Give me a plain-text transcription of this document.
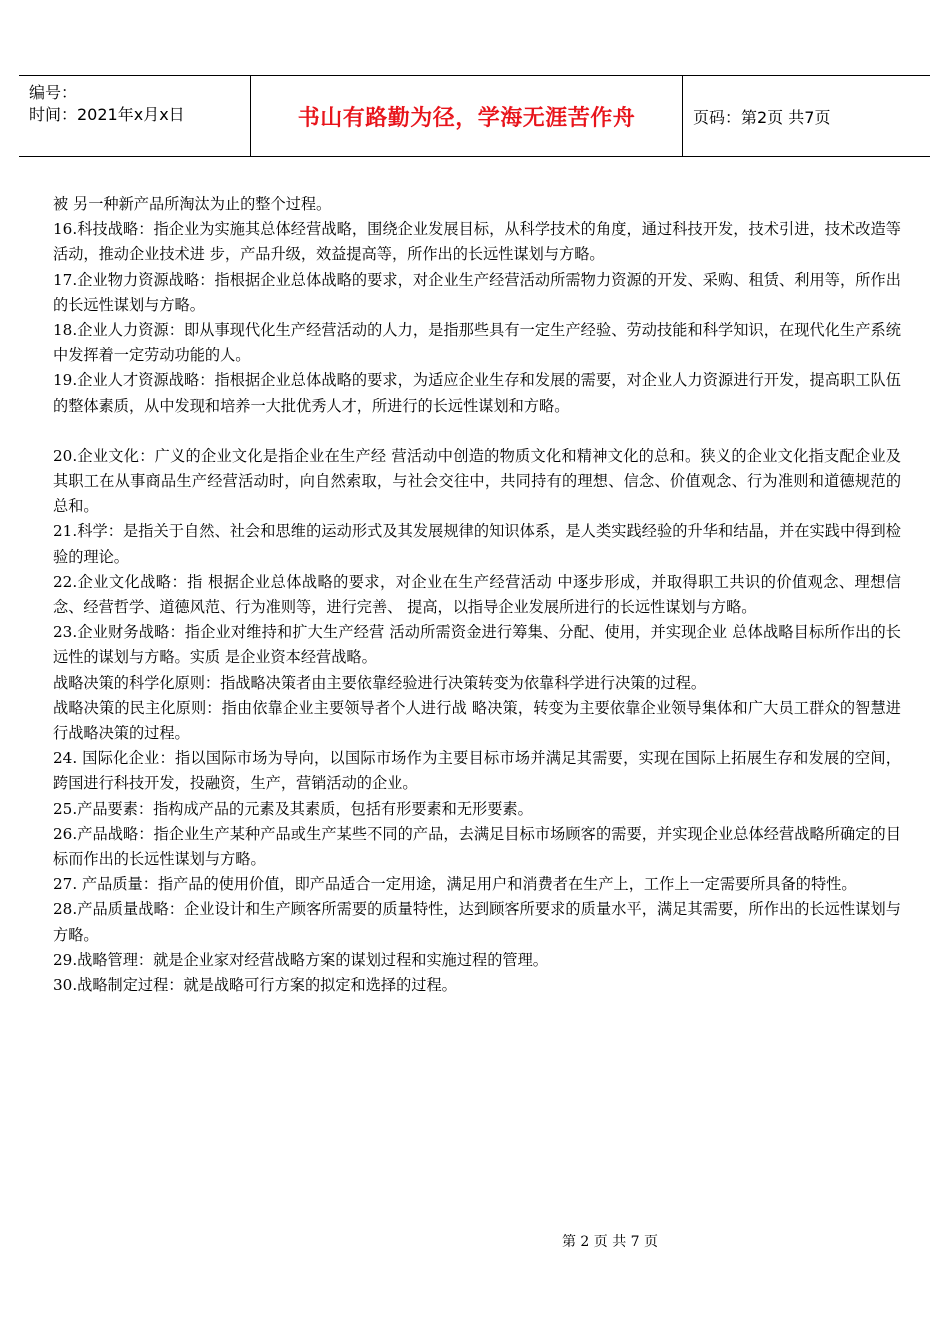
编号：
时间：2021年x月x日	书山有路勤为径，学海无涯苦作舟	页码：第2页 共7页

被 另一种新产品所淘汰为止的整个过程。

16.科技战略：指企业为实施其总体经营战略，围绕企业发展目标，从科学技术的角度，通过科技开发，技术引进，技术改造等活动，推动企业技术进 步，产品升级，效益提高等，所作出的长远性谋划与方略。

17.企业物力资源战略：指根据企业总体战略的要求，对企业生产经营活动所需物力资源的开发、采购、租赁、利用等，所作出的长远性谋划与方略。

18.企业人力资源：即从事现代化生产经营活动的人力，是指那些具有一定生产经验、劳动技能和科学知识，在现代化生产系统中发挥着一定劳动功能的人。

19.企业人才资源战略：指根据企业总体战略的要求，为适应企业生存和发展的需要，对企业人力资源进行开发，提高职工队伍的整体素质，从中发现和培养一大批优秀人才，所进行的长远性谋划和方略。

20.企业文化：广义的企业文化是指企业在生产经 营活动中创造的物质文化和精神文化的总和。狭义的企业文化指支配企业及其职工在从事商品生产经营活动时，向自然索取，与社会交往中，共同持有的理想、信念、价值观念、行为准则和道德规范的总和。

21.科学：是指关于自然、社会和思维的运动形式及其发展规律的知识体系，是人类实践经验的升华和结晶，并在实践中得到检验的理论。

22.企业文化战略：指 根据企业总体战略的要求，对企业在生产经营活动 中逐步形成，并取得职工共识的价值观念、理想信念、经营哲学、道德风范、行为准则等，进行完善、 提高，以指导企业发展所进行的长远性谋划与方略。

23.企业财务战略：指企业对维持和扩大生产经营 活动所需资金进行筹集、分配、使用，并实现企业 总体战略目标所作出的长远性的谋划与方略。实质 是企业资本经营战略。

战略决策的科学化原则：指战略决策者由主要依靠经验进行决策转变为依靠科学进行决策的过程。

战略决策的民主化原则：指由依靠企业主要领导者个人进行战 略决策，转变为主要依靠企业领导集体和广大员工群众的智慧进行战略决策的过程。

24. 国际化企业：指以国际市场为导向，以国际市场作为主要目标市场并满足其需要，实现在国际上拓展生存和发展的空间，跨国进行科技开发，投融资，生产，营销活动的企业。

25.产品要素：指构成产品的元素及其素质，包括有形要素和无形要素。

26.产品战略：指企业生产某种产品或生产某些不同的产品，去满足目标市场顾客的需要，并实现企业总体经营战略所确定的目标而作出的长远性谋划与方略。

27. 产品质量：指产品的使用价值，即产品适合一定用途，满足用户和消费者在生产上，工作上一定需要所具备的特性。

28.产品质量战略：企业设计和生产顾客所需要的质量特性，达到顾客所要求的质量水平，满足其需要，所作出的长远性谋划与方略。

29.战略管理：就是企业家对经营战略方案的谋划过程和实施过程的管理。

30.战略制定过程：就是战略可行方案的拟定和选择的过程。

第 2 页 共 7 页
